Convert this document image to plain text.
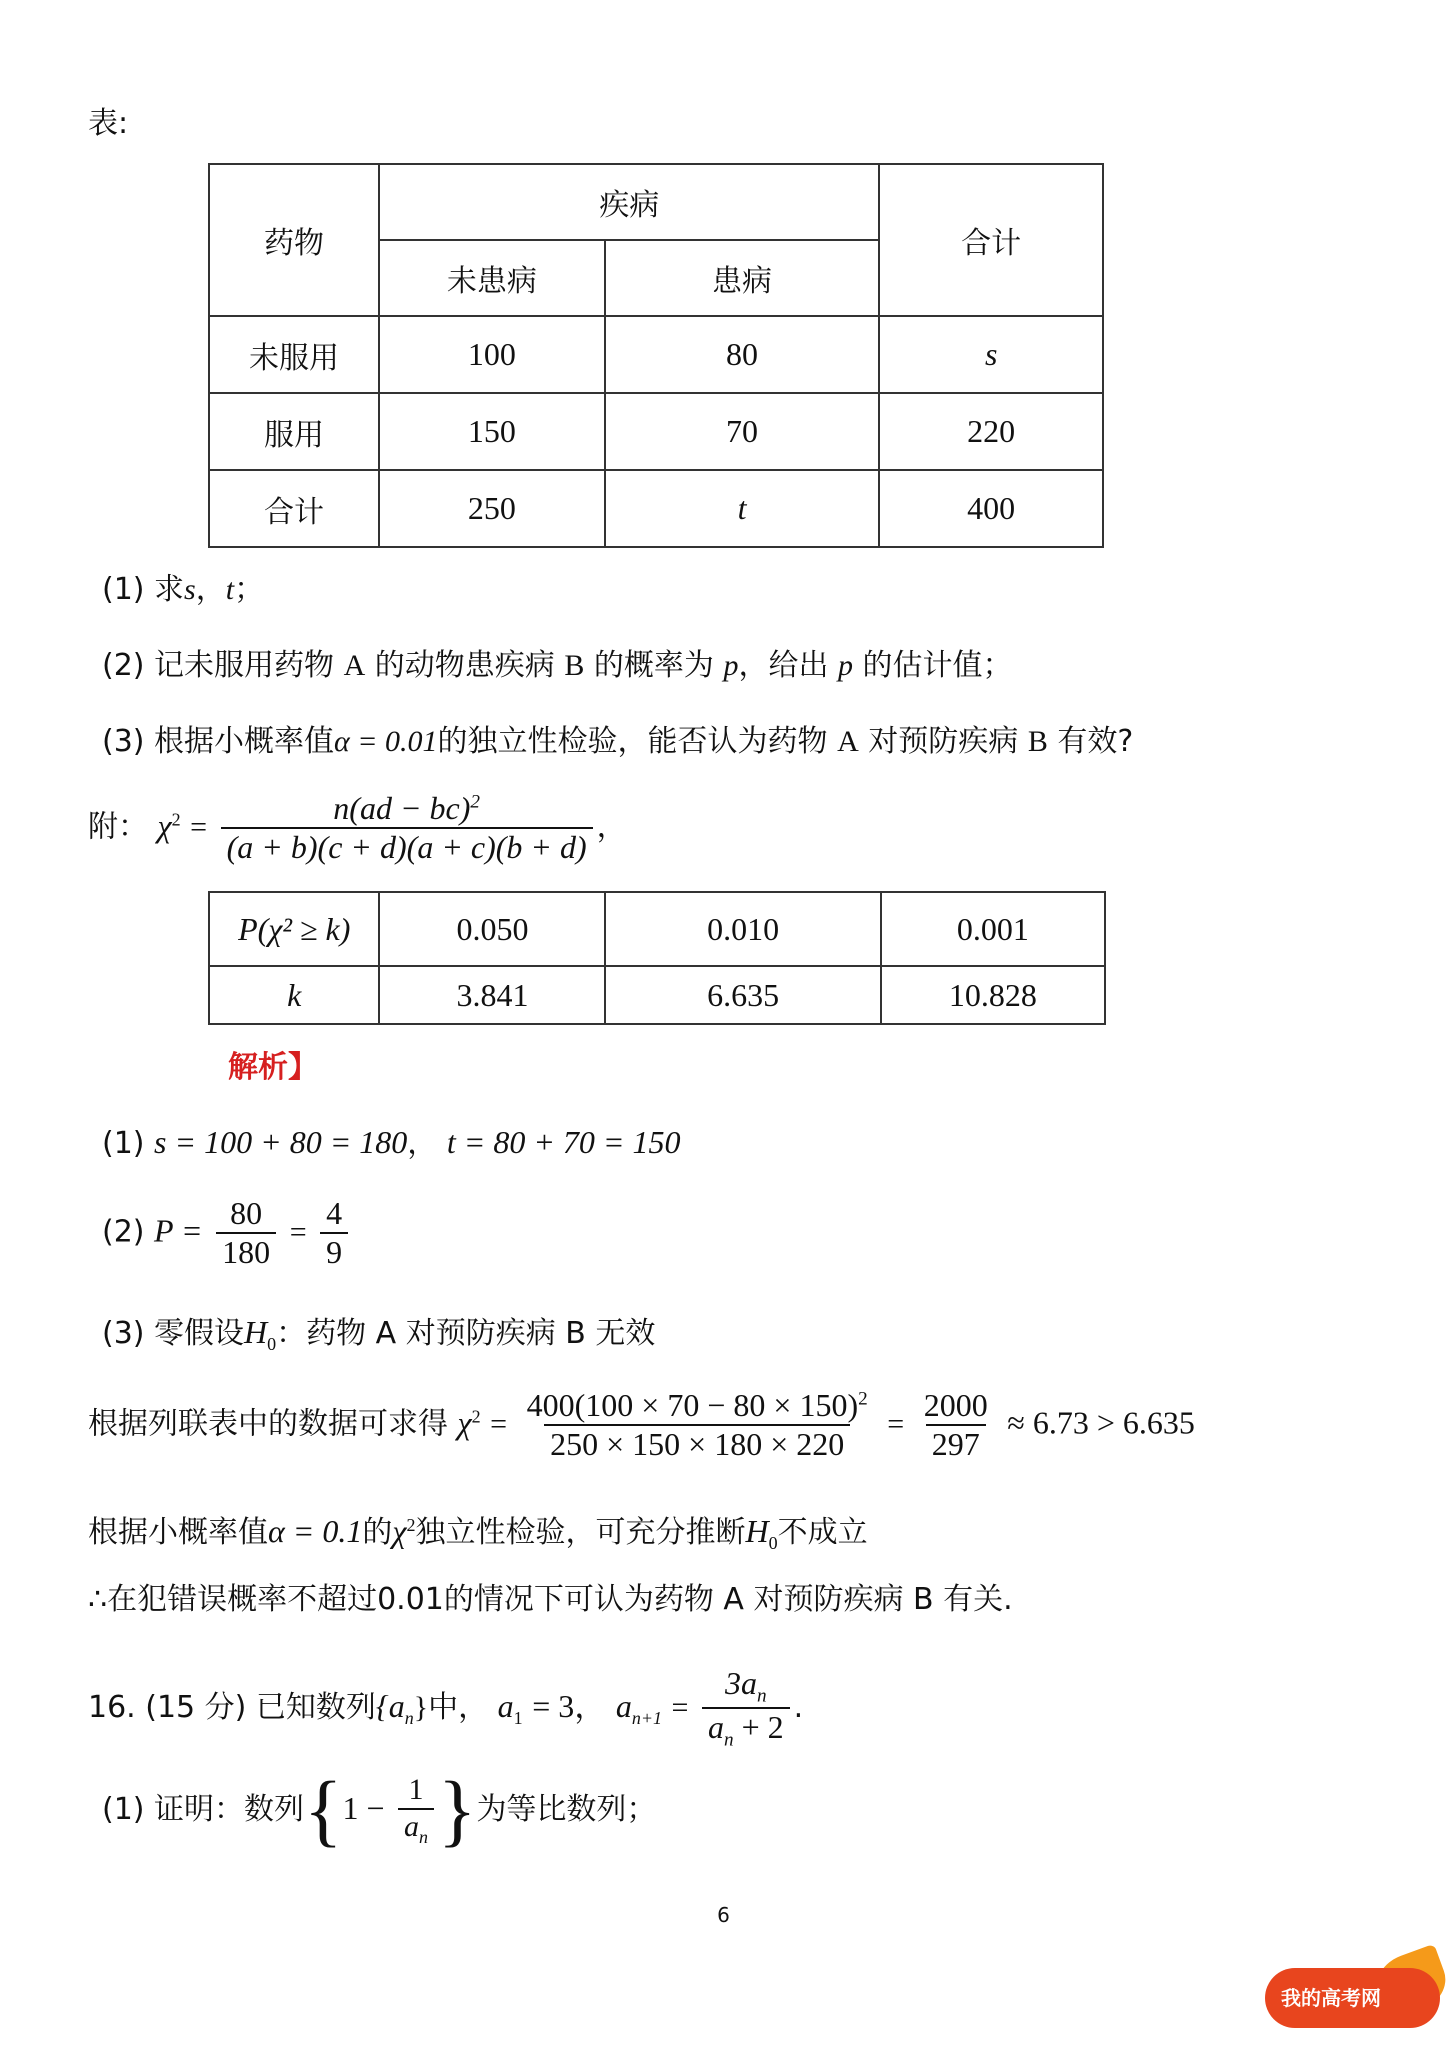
表:
药物	疾病		合计
	未患病	患病	
未服用	100	80	s
服用	150	70	220
合计	250	t	400
(1) 求s，t；
(2) 记未服用药物 A 的动物患疾病 B 的概率为 p，给出 p 的估计值；
(3) 根据小概率值α = 0.01的独立性检验，能否认为药物 A 对预防疾病 B 有效?
附： $\chi^2 = \frac{n(ad - bc)^2}{(a + b)(c + d)(a + c)(b + d)}$ ，
P(χ² ≥ k)	0.050	0.010	0.001
k	3.841	6.635	10.828
解析】
(1) s = 100 + 80 = 180， t = 80 + 70 = 150
(2) $P = \frac{80}{180} = \frac{4}{9}$
(3) 零假设$H_0$：药物 A 对预防疾病 B 无效
根据列联表中的数据可求得 $\chi^2 = \frac{400(100 \times 70 - 80 \times 150)^2}{250 \times 150 \times 180 \times 220} = \frac{2000}{297} \approx 6.73 > 6.635$
根据小概率值α = 0.1的$\chi^2$独立性检验，可充分推断$H_0$不成立
∴在犯错误概率不超过0.01的情况下可认为药物 A 对预防疾病 B 有关.
16. (15 分) 已知数列$\{a_n\}$中， $a_1 = 3$， $a_{n+1} = \frac{3a_n}{a_n + 2}$ .
(1) 证明：数列{$1 - \frac{1}{a_n}$ }为等比数列；
6
我的高考网
